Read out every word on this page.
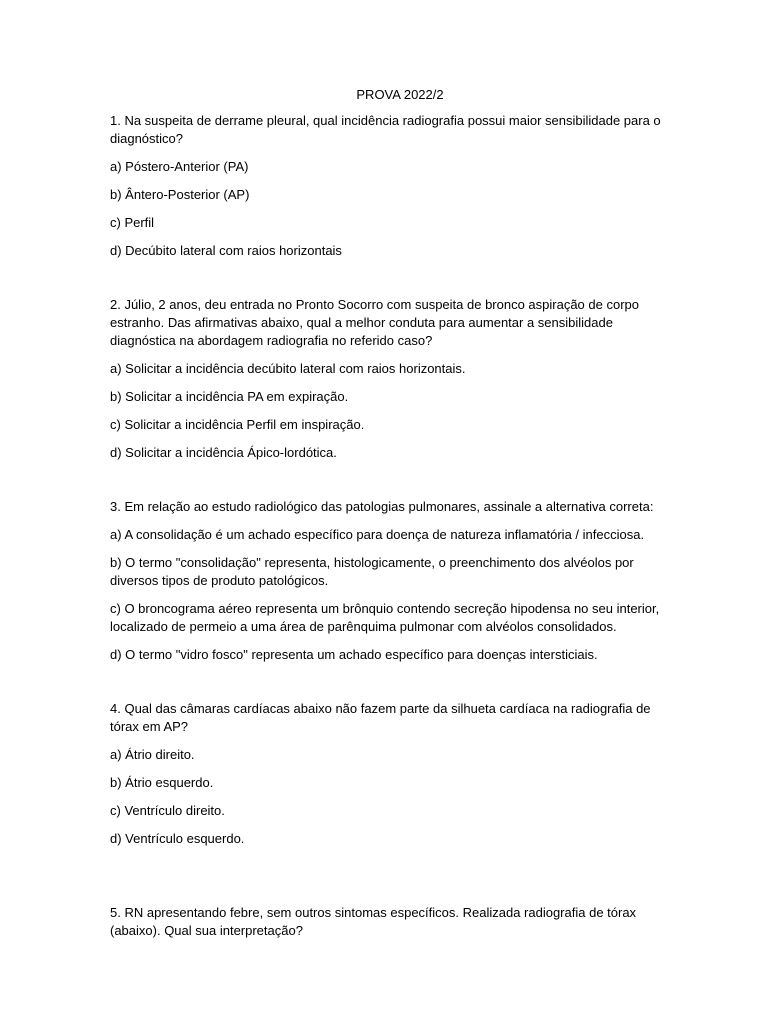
PROVA 2022/2
1. Na suspeita de derrame pleural, qual incidência radiografia possui maior sensibilidade para o diagnóstico?
a) Póstero-Anterior (PA)
b) Ântero-Posterior (AP)
c) Perfil
d) Decúbito lateral com raios horizontais
2. Júlio, 2 anos, deu entrada no Pronto Socorro com suspeita de bronco aspiração de corpo estranho. Das afirmativas abaixo, qual a melhor conduta para aumentar a sensibilidade diagnóstica na abordagem radiografia no referido caso?
a) Solicitar a incidência decúbito lateral com raios horizontais.
b) Solicitar a incidência PA em expiração.
c) Solicitar a incidência Perfil em inspiração.
d) Solicitar a incidência Ápico-lordótica.
3. Em relação ao estudo radiológico das patologias pulmonares, assinale a alternativa correta:
a) A consolidação é um achado específico para doença de natureza inflamatória / infecciosa.
b) O termo "consolidação" representa, histologicamente, o preenchimento dos alvéolos por diversos tipos de produto patológicos.
c) O broncograma aéreo representa um brônquio contendo secreção hipodensa no seu interior, localizado de permeio a uma área de parênquima pulmonar com alvéolos consolidados.
d) O termo "vidro fosco" representa um achado específico para doenças intersticiais.
4. Qual das câmaras cardíacas abaixo não fazem parte da silhueta cardíaca na radiografia de tórax em AP?
a) Átrio direito.
b) Átrio esquerdo.
c) Ventrículo direito.
d) Ventrículo esquerdo.
5. RN apresentando febre, sem outros sintomas específicos. Realizada radiografia de tórax (abaixo). Qual sua interpretação?
